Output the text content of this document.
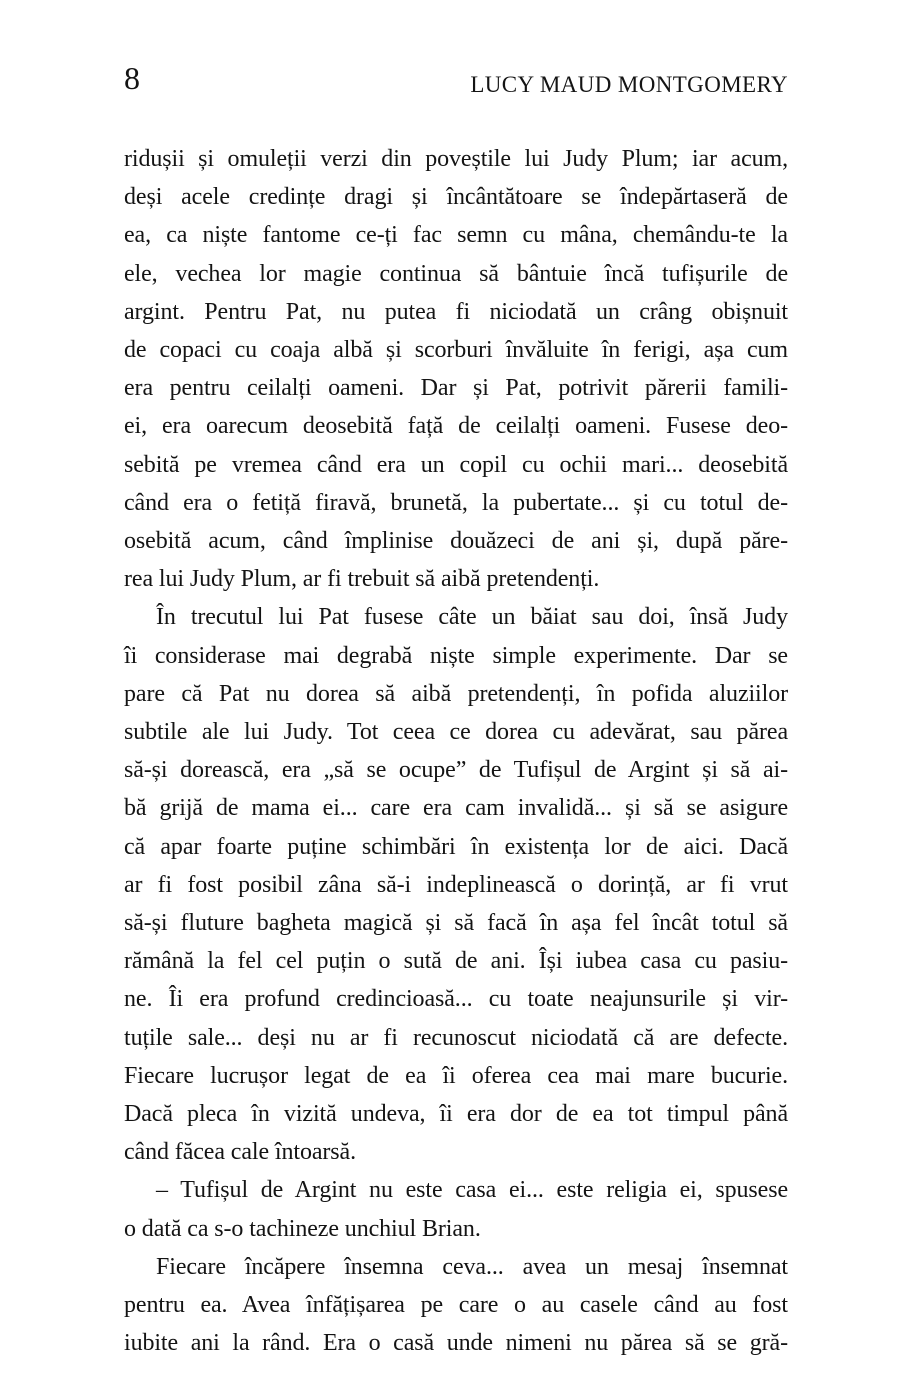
8	LUCY MAUD MONTGOMERY
ridușii și omuleții verzi din poveștile lui Judy Plum; iar acum,
deși acele credințe dragi și încântătoare se îndepărtaseră de
ea, ca niște fantome ce-ți fac semn cu mâna, chemându-te la
ele, vechea lor magie continua să bântuie încă tufișurile de
argint. Pentru Pat, nu putea fi niciodată un crâng obișnuit
de copaci cu coaja albă și scorburi învăluite în ferigi, așa cum
era pentru ceilalți oameni. Dar și Pat, potrivit părerii famili-
ei, era oarecum deosebită față de ceilalți oameni. Fusese deo-
sebită pe vremea când era un copil cu ochii mari... deosebită
când era o fetiță firavă, brunetă, la pubertate... și cu totul de-
osebită acum, când împlinise douăzeci de ani și, după păre-
rea lui Judy Plum, ar fi trebuit să aibă pretendenți.
În trecutul lui Pat fusese câte un băiat sau doi, însă Judy
îi considerase mai degrabă niște simple experimente. Dar se
pare că Pat nu dorea să aibă pretendenți, în pofida aluziilor
subtile ale lui Judy. Tot ceea ce dorea cu adevărat, sau părea
să-și dorească, era „să se ocupe” de Tufișul de Argint și să ai-
bă grijă de mama ei... care era cam invalidă... și să se asigure
că apar foarte puține schimbări în existența lor de aici. Dacă
ar fi fost posibil zâna să-i indeplinească o dorință, ar fi vrut
să-și fluture bagheta magică și să facă în așa fel încât totul să
rămână la fel cel puțin o sută de ani. Își iubea casa cu pasiu-
ne. Îi era profund credincioasă... cu toate neajunsurile și vir-
tuțile sale... deși nu ar fi recunoscut niciodată că are defecte.
Fiecare lucrușor legat de ea îi oferea cea mai mare bucurie.
Dacă pleca în vizită undeva, îi era dor de ea tot timpul până
când făcea cale întoarsă.
– Tufișul de Argint nu este casa ei... este religia ei, spusese
o dată ca s-o tachineze unchiul Brian.
Fiecare încăpere însemna ceva... avea un mesaj însemnat
pentru ea. Avea înfățișarea pe care o au casele când au fost
iubite ani la rând. Era o casă unde nimeni nu părea să se gră-
